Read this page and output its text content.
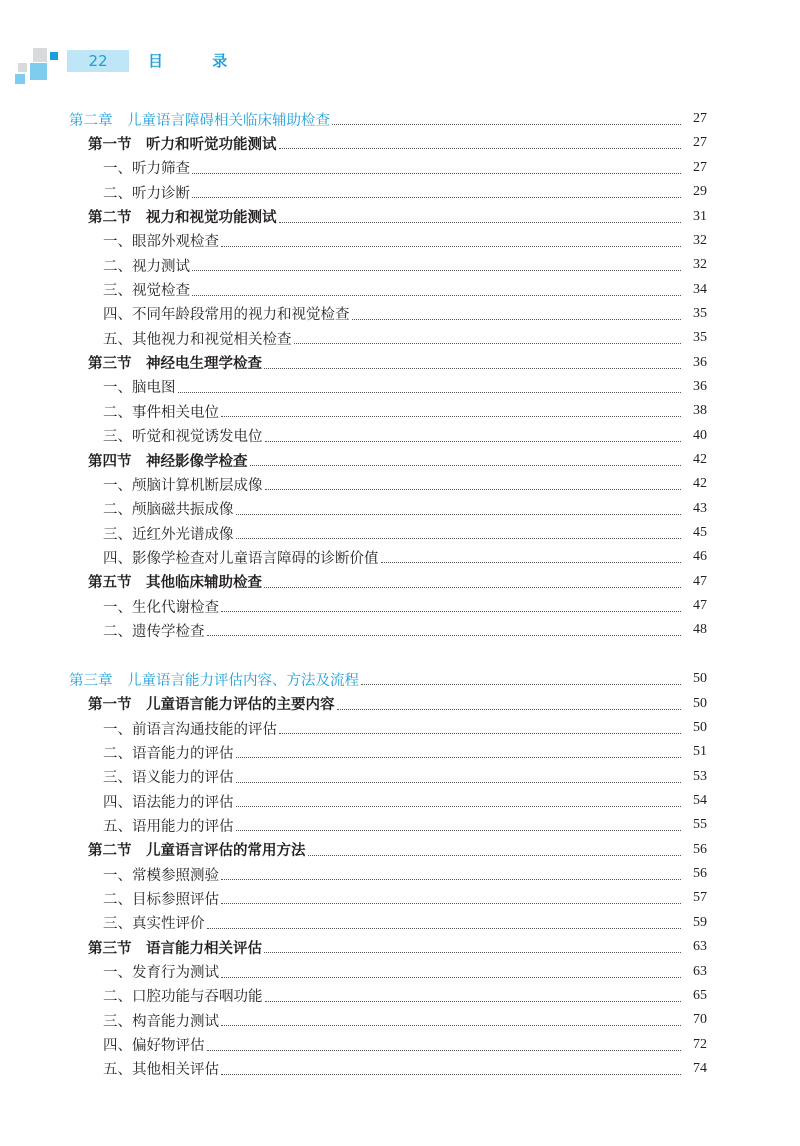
22	目 录
第二章　儿童语言障碍相关临床辅助检查	27
第一节　听力和听觉功能测试	27
一、听力筛查	27
二、听力诊断	29
第二节　视力和视觉功能测试	31
一、眼部外观检查	32
二、视力测试	32
三、视觉检查	34
四、不同年龄段常用的视力和视觉检查	35
五、其他视力和视觉相关检查	35
第三节　神经电生理学检查	36
一、脑电图	36
二、事件相关电位	38
三、听觉和视觉诱发电位	40
第四节　神经影像学检查	42
一、颅脑计算机断层成像	42
二、颅脑磁共振成像	43
三、近红外光谱成像	45
四、影像学检查对儿童语言障碍的诊断价值	46
第五节　其他临床辅助检查	47
一、生化代谢检查	47
二、遗传学检查	48
第三章　儿童语言能力评估内容、方法及流程	50
第一节　儿童语言能力评估的主要内容	50
一、前语言沟通技能的评估	50
二、语音能力的评估	51
三、语义能力的评估	53
四、语法能力的评估	54
五、语用能力的评估	55
第二节　儿童语言评估的常用方法	56
一、常模参照测验	56
二、目标参照评估	57
三、真实性评价	59
第三节　语言能力相关评估	63
一、发育行为测试	63
二、口腔功能与吞咽功能	65
三、构音能力测试	70
四、偏好物评估	72
五、其他相关评估	74
